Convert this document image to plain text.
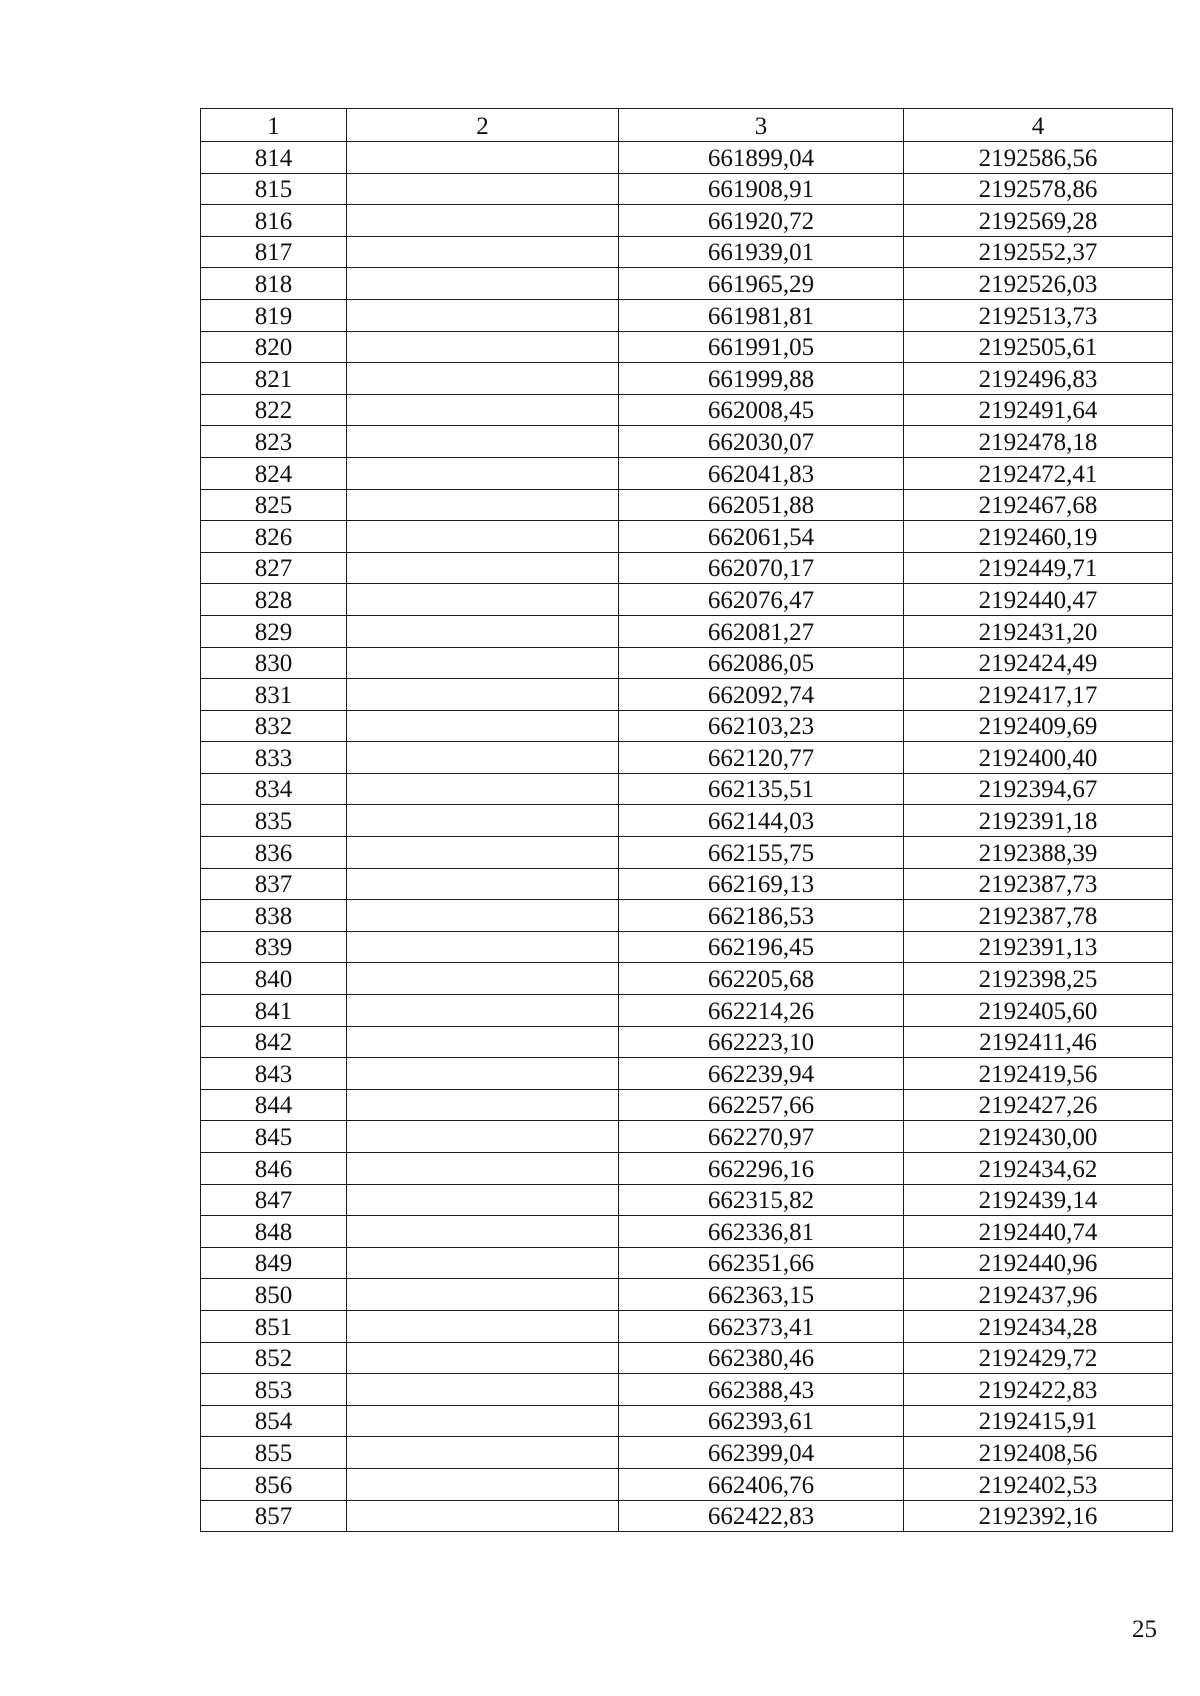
1	2	3	4
814		661899,04	2192586,56
815		661908,91	2192578,86
816		661920,72	2192569,28
817		661939,01	2192552,37
818		661965,29	2192526,03
819		661981,81	2192513,73
820		661991,05	2192505,61
821		661999,88	2192496,83
822		662008,45	2192491,64
823		662030,07	2192478,18
824		662041,83	2192472,41
825		662051,88	2192467,68
826		662061,54	2192460,19
827		662070,17	2192449,71
828		662076,47	2192440,47
829		662081,27	2192431,20
830		662086,05	2192424,49
831		662092,74	2192417,17
832		662103,23	2192409,69
833		662120,77	2192400,40
834		662135,51	2192394,67
835		662144,03	2192391,18
836		662155,75	2192388,39
837		662169,13	2192387,73
838		662186,53	2192387,78
839		662196,45	2192391,13
840		662205,68	2192398,25
841		662214,26	2192405,60
842		662223,10	2192411,46
843		662239,94	2192419,56
844		662257,66	2192427,26
845		662270,97	2192430,00
846		662296,16	2192434,62
847		662315,82	2192439,14
848		662336,81	2192440,74
849		662351,66	2192440,96
850		662363,15	2192437,96
851		662373,41	2192434,28
852		662380,46	2192429,72
853		662388,43	2192422,83
854		662393,61	2192415,91
855		662399,04	2192408,56
856		662406,76	2192402,53
857		662422,83	2192392,16
25
